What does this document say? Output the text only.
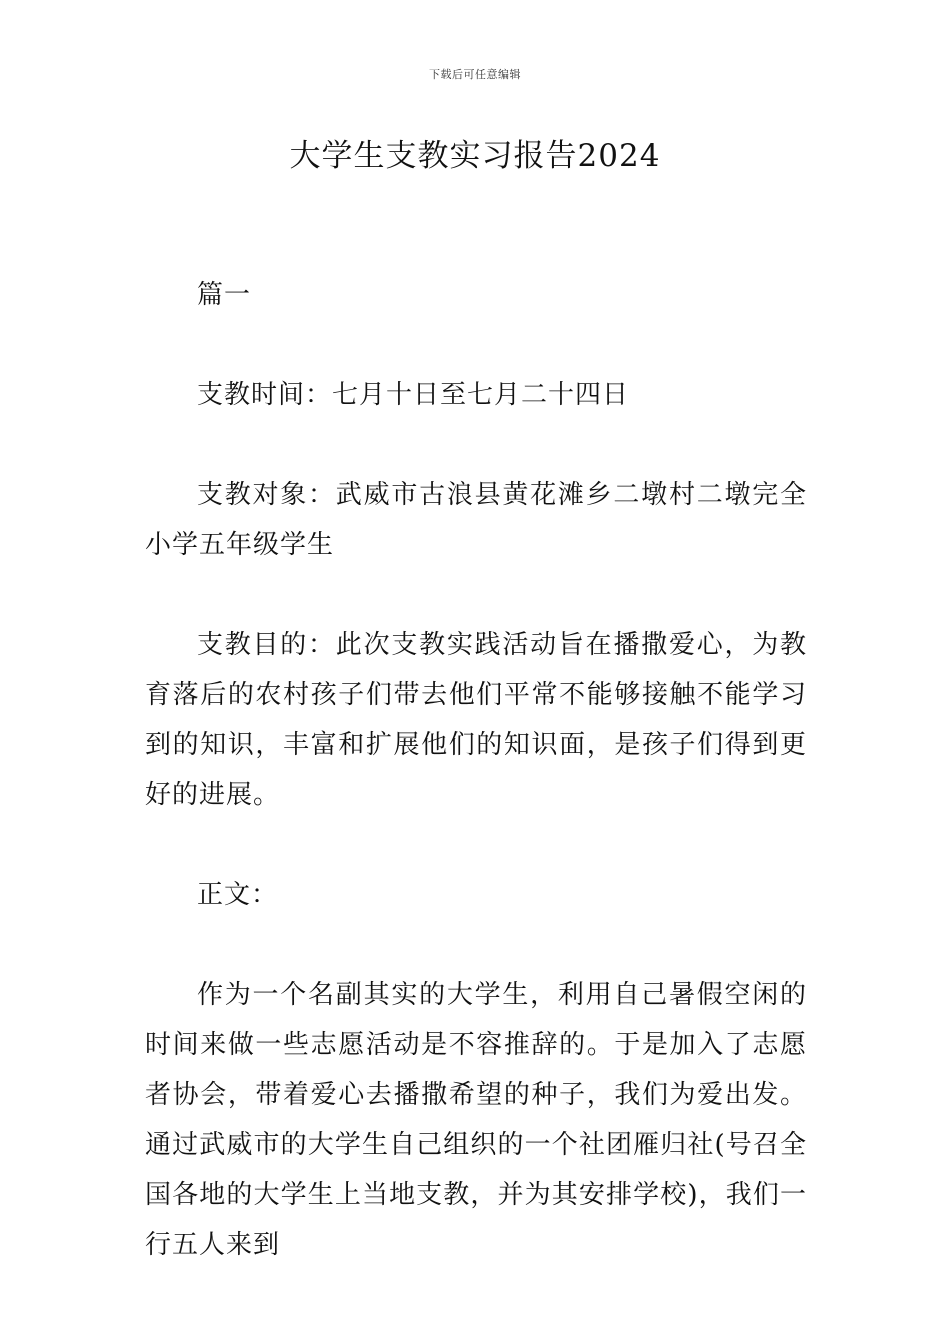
下载后可任意编辑
大学生支教实习报告2024

篇一

支教时间：七月十日至七月二十四日

支教对象：武威市古浪县黄花滩乡二墩村二墩完全小学五年级学生

支教目的：此次支教实践活动旨在播撒爱心，为教育落后的农村孩子们带去他们平常不能够接触不能学习到的知识，丰富和扩展他们的知识面，是孩子们得到更好的进展。

正文：

作为一个名副其实的大学生，利用自己暑假空闲的时间来做一些志愿活动是不容推辞的。于是加入了志愿者协会，带着爱心去播撒希望的种子，我们为爱出发。通过武威市的大学生自己组织的一个社团雁归社(号召全国各地的大学生上当地支教，并为其安排学校)，我们一行五人来到
